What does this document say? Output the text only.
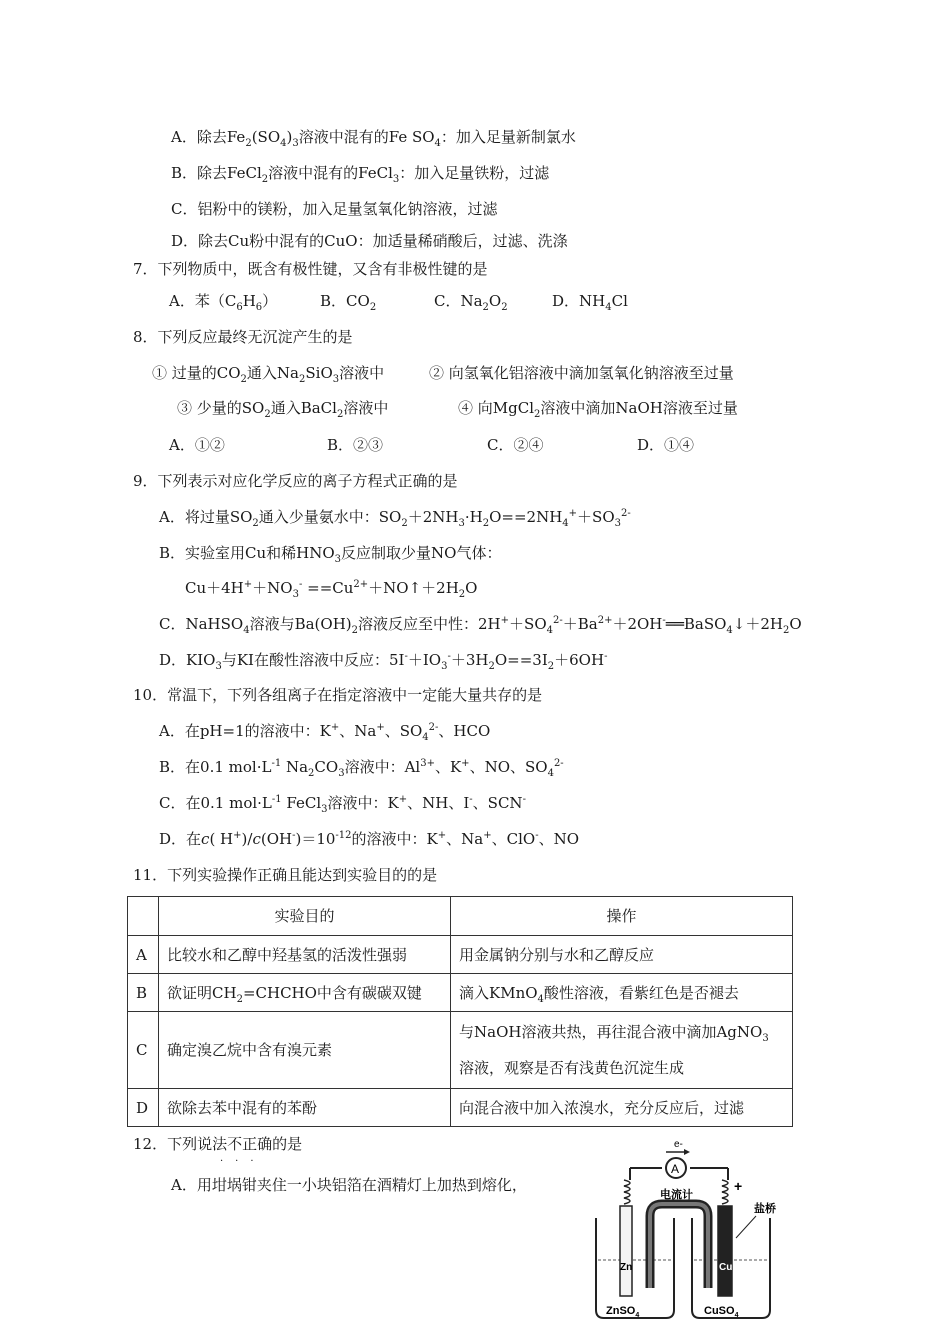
A．除去$Fe_2(SO_4)_3$溶液中混有的Fe $SO_4$：加入足量新制氯水
B．除去FeCl$_2$溶液中混有的FeCl$_3$：加入足量铁粉，过滤
C．铝粉中的镁粉，加入足量氢氧化钠溶液，过滤
D．除去Cu粉中混有的CuO：加适量稀硝酸后，过滤、洗涤
7．下列物质中，既含有极性键，又含有非极性键的是
A．苯$(C_6H_6)$	B．$CO_2$	C．$Na_2O_2$	D．$NH_4Cl$
8．下列反应最终无沉淀产生的是
① 过量的$CO_2$通入$Na_2SiO_3$溶液中	② 向氢氧化铝溶液中滴加氢氧化钠溶液至过量
③ 少量的$SO_2$通入BaCl$_2$溶液中	④ 向MgCl$_2$溶液中滴加NaOH溶液至过量
A．①②	B．②③	C．②④	D．①④
9．下列表示对应化学反应的离子方程式正确的是
A．将过量$SO_2$通入少量氨水中：$SO_2+2NH_3\cdot H_2O==2NH_4^++SO_3^{2-}$
B．实验室用Cu和稀$HNO_3$反应制取少量NO气体：
$Cu+4H^++NO_3^-$ $==Cu^{2+}+NO↑+2H_2O$
C．NaHSO$_4$溶液与$Ba(OH)_2$溶液反应至中性：$2H^++SO_4^{2-}+Ba^{2+}+2OH^-══BaSO_4↓+2H_2O$
D．$KIO_3$与KI在酸性溶液中反应：$5I^-+IO_3^-+3H_2O==3I_2+6OH^-$
10．常温下，下列各组离子在指定溶液中一定能大量共存的是
A．在pH=1的溶液中：K+、Na+、$SO_4^{2-}$、HCO
B．在0.1 $mol\cdot L^{-1}$ $Na_2CO_3$溶液中：$Al^{3+}$、K+、NO、$SO_4^{2-}$
C．在0.1 $mol\cdot L^{-1}$ FeCl$_3$溶液中：K+、NH、I-、SCN-
D．在c( $H^+)/c(OH^-)=10^{-12}$的溶液中：K+、Na+、ClO-、NO
11．下列实验操作正确且能达到实验目的的是
	实验目的	操作
A	比较水和乙醇中羟基氢的活泼性强弱	用金属钠分别与水和乙醇反应
B	欲证明$CH_2=CHCHO$中含有碳碳双键	滴入KMnO$_4$酸性溶液，看紫红色是否褪去
C	确定溴乙烷中含有溴元素	与NaOH溶液共热，再往混合液中滴加AgNO$_3$
溶液，观察是否有浅黄色沉淀生成

D	欲除去苯中混有的苯酚	向混合液中加入浓溴水，充分反应后，过滤
12．下列说法不正确的是
···
A．用坩埚钳夹住一小块铝箔在酒精灯上加热到熔化，
e-
A
电流计
+
盐桥
Zn	Cu
ZnSO$_4$	CuSO$_4$
